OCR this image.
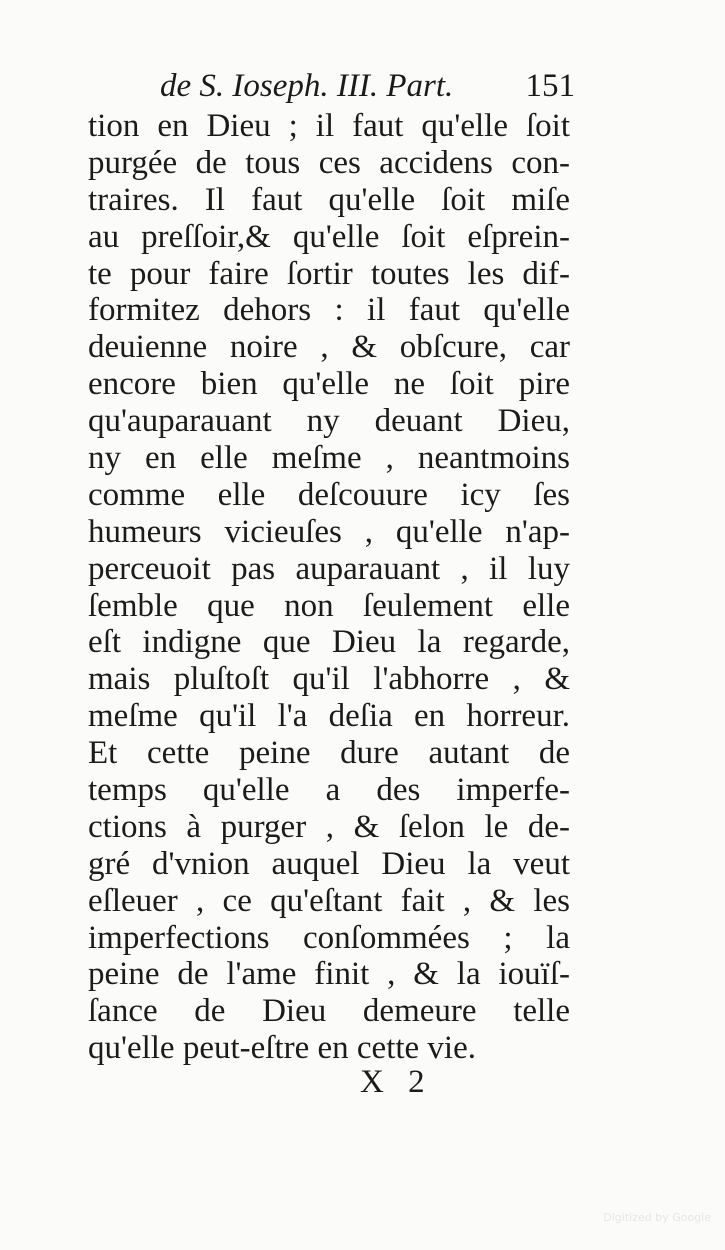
de S. Ioseph. III. Part. 151
tion en Dieu ; il faut qu'elle ſoit
purgée de tous ces accidens con-
traires. Il faut qu'elle ſoit miſe
au preſſoir,& qu'elle ſoit eſprein-
te pour faire ſortir toutes les dif-
formitez dehors : il faut qu'elle
deuienne noire , & obſcure, car
encore bien qu'elle ne ſoit pire
qu'auparauant ny deuant Dieu,
ny en elle meſme , neantmoins
comme elle deſcouure icy ſes
humeurs vicieuſes , qu'elle n'ap-
perceuoit pas auparauant , il luy
ſemble que non ſeulement elle
eſt indigne que Dieu la regarde,
mais pluſtoſt qu'il l'abhorre , &
meſme qu'il l'a deſia en horreur.
Et cette peine dure autant de
temps qu'elle a des imperfe-
ctions à purger , & ſelon le de-
gré d'vnion auquel Dieu la veut
eſleuer , ce qu'eſtant fait , & les
imperfections conſommées ; la
peine de l'ame finit , & la iouïſ-
ſance de Dieu demeure telle
qu'elle peut-eſtre en cette vie.
X 2
Digitized by Google
